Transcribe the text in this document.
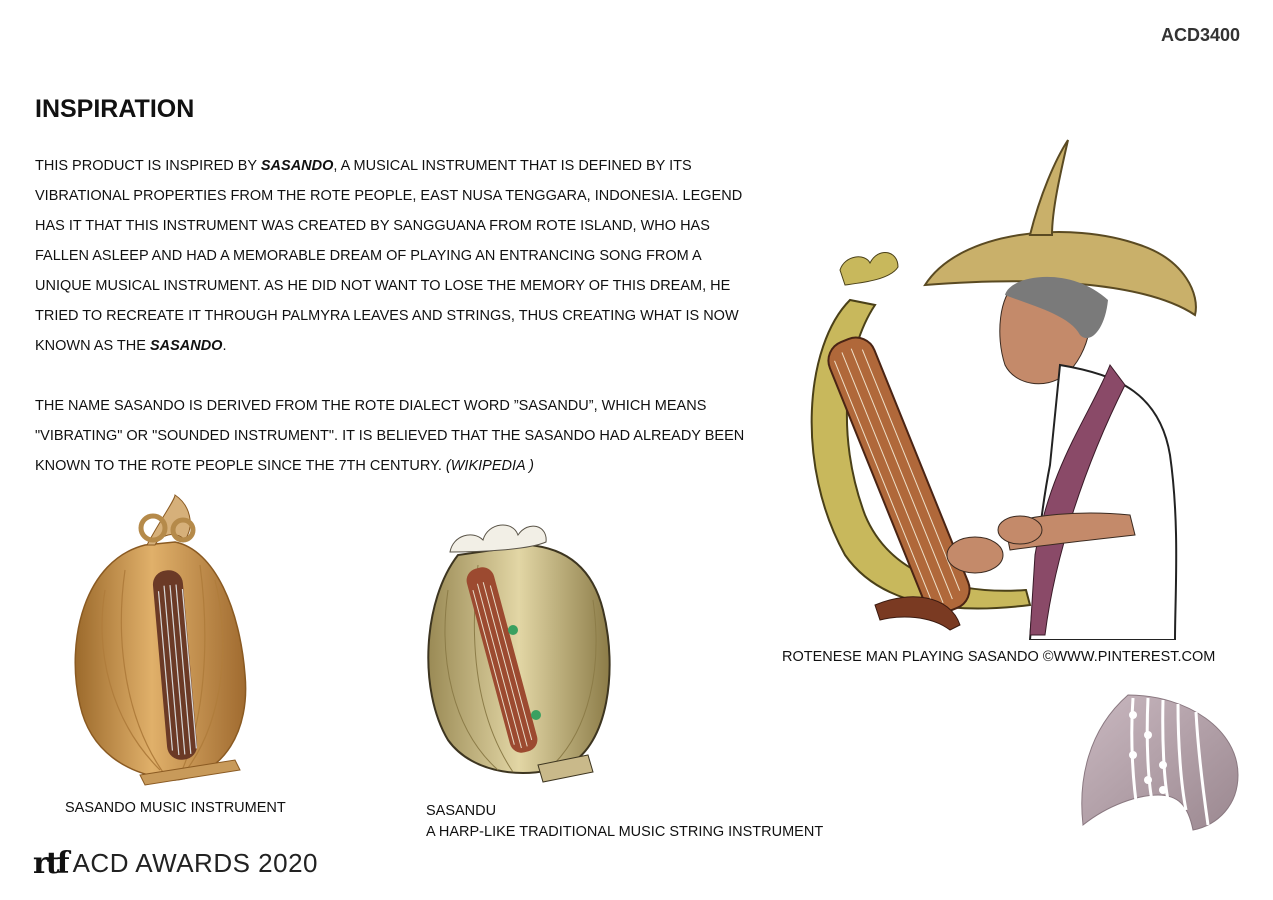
ACD3400
INSPIRATION

THIS PRODUCT IS INSPIRED BY SASANDO, A MUSICAL INSTRUMENT THAT IS DEFINED BY ITS VIBRATIONAL PROPERTIES FROM THE ROTE PEOPLE, EAST NUSA TENGGARA, INDONESIA. LEGEND HAS IT THAT THIS INSTRUMENT WAS CREATED BY SANGGUANA FROM ROTE ISLAND, WHO HAS FALLEN ASLEEP AND HAD A MEMORABLE DREAM OF PLAYING AN ENTRANCING SONG FROM A UNIQUE MUSICAL INSTRUMENT. AS HE DID NOT WANT TO LOSE THE MEMORY OF THIS DREAM, HE TRIED TO RECREATE IT THROUGH PALMYRA LEAVES AND STRINGS, THUS CREATING WHAT IS NOW KNOWN AS THE SASANDO.

THE NAME SASANDO IS DERIVED FROM THE ROTE DIALECT WORD ”SASANDU”, WHICH MEANS "VIBRATING" OR "SOUNDED INSTRUMENT". IT IS BELIEVED THAT THE SASANDO HAD ALREADY BEEN KNOWN TO THE ROTE PEOPLE SINCE THE 7TH CENTURY. (WIKIPEDIA )

SASANDO MUSIC INSTRUMENT	SASANDU
A HARP-LIKE TRADITIONAL MUSIC STRING INSTRUMENT
ROTENESE MAN PLAYING SASANDO ©WWW.PINTEREST.COM
rtf ACD AWARDS 2020
